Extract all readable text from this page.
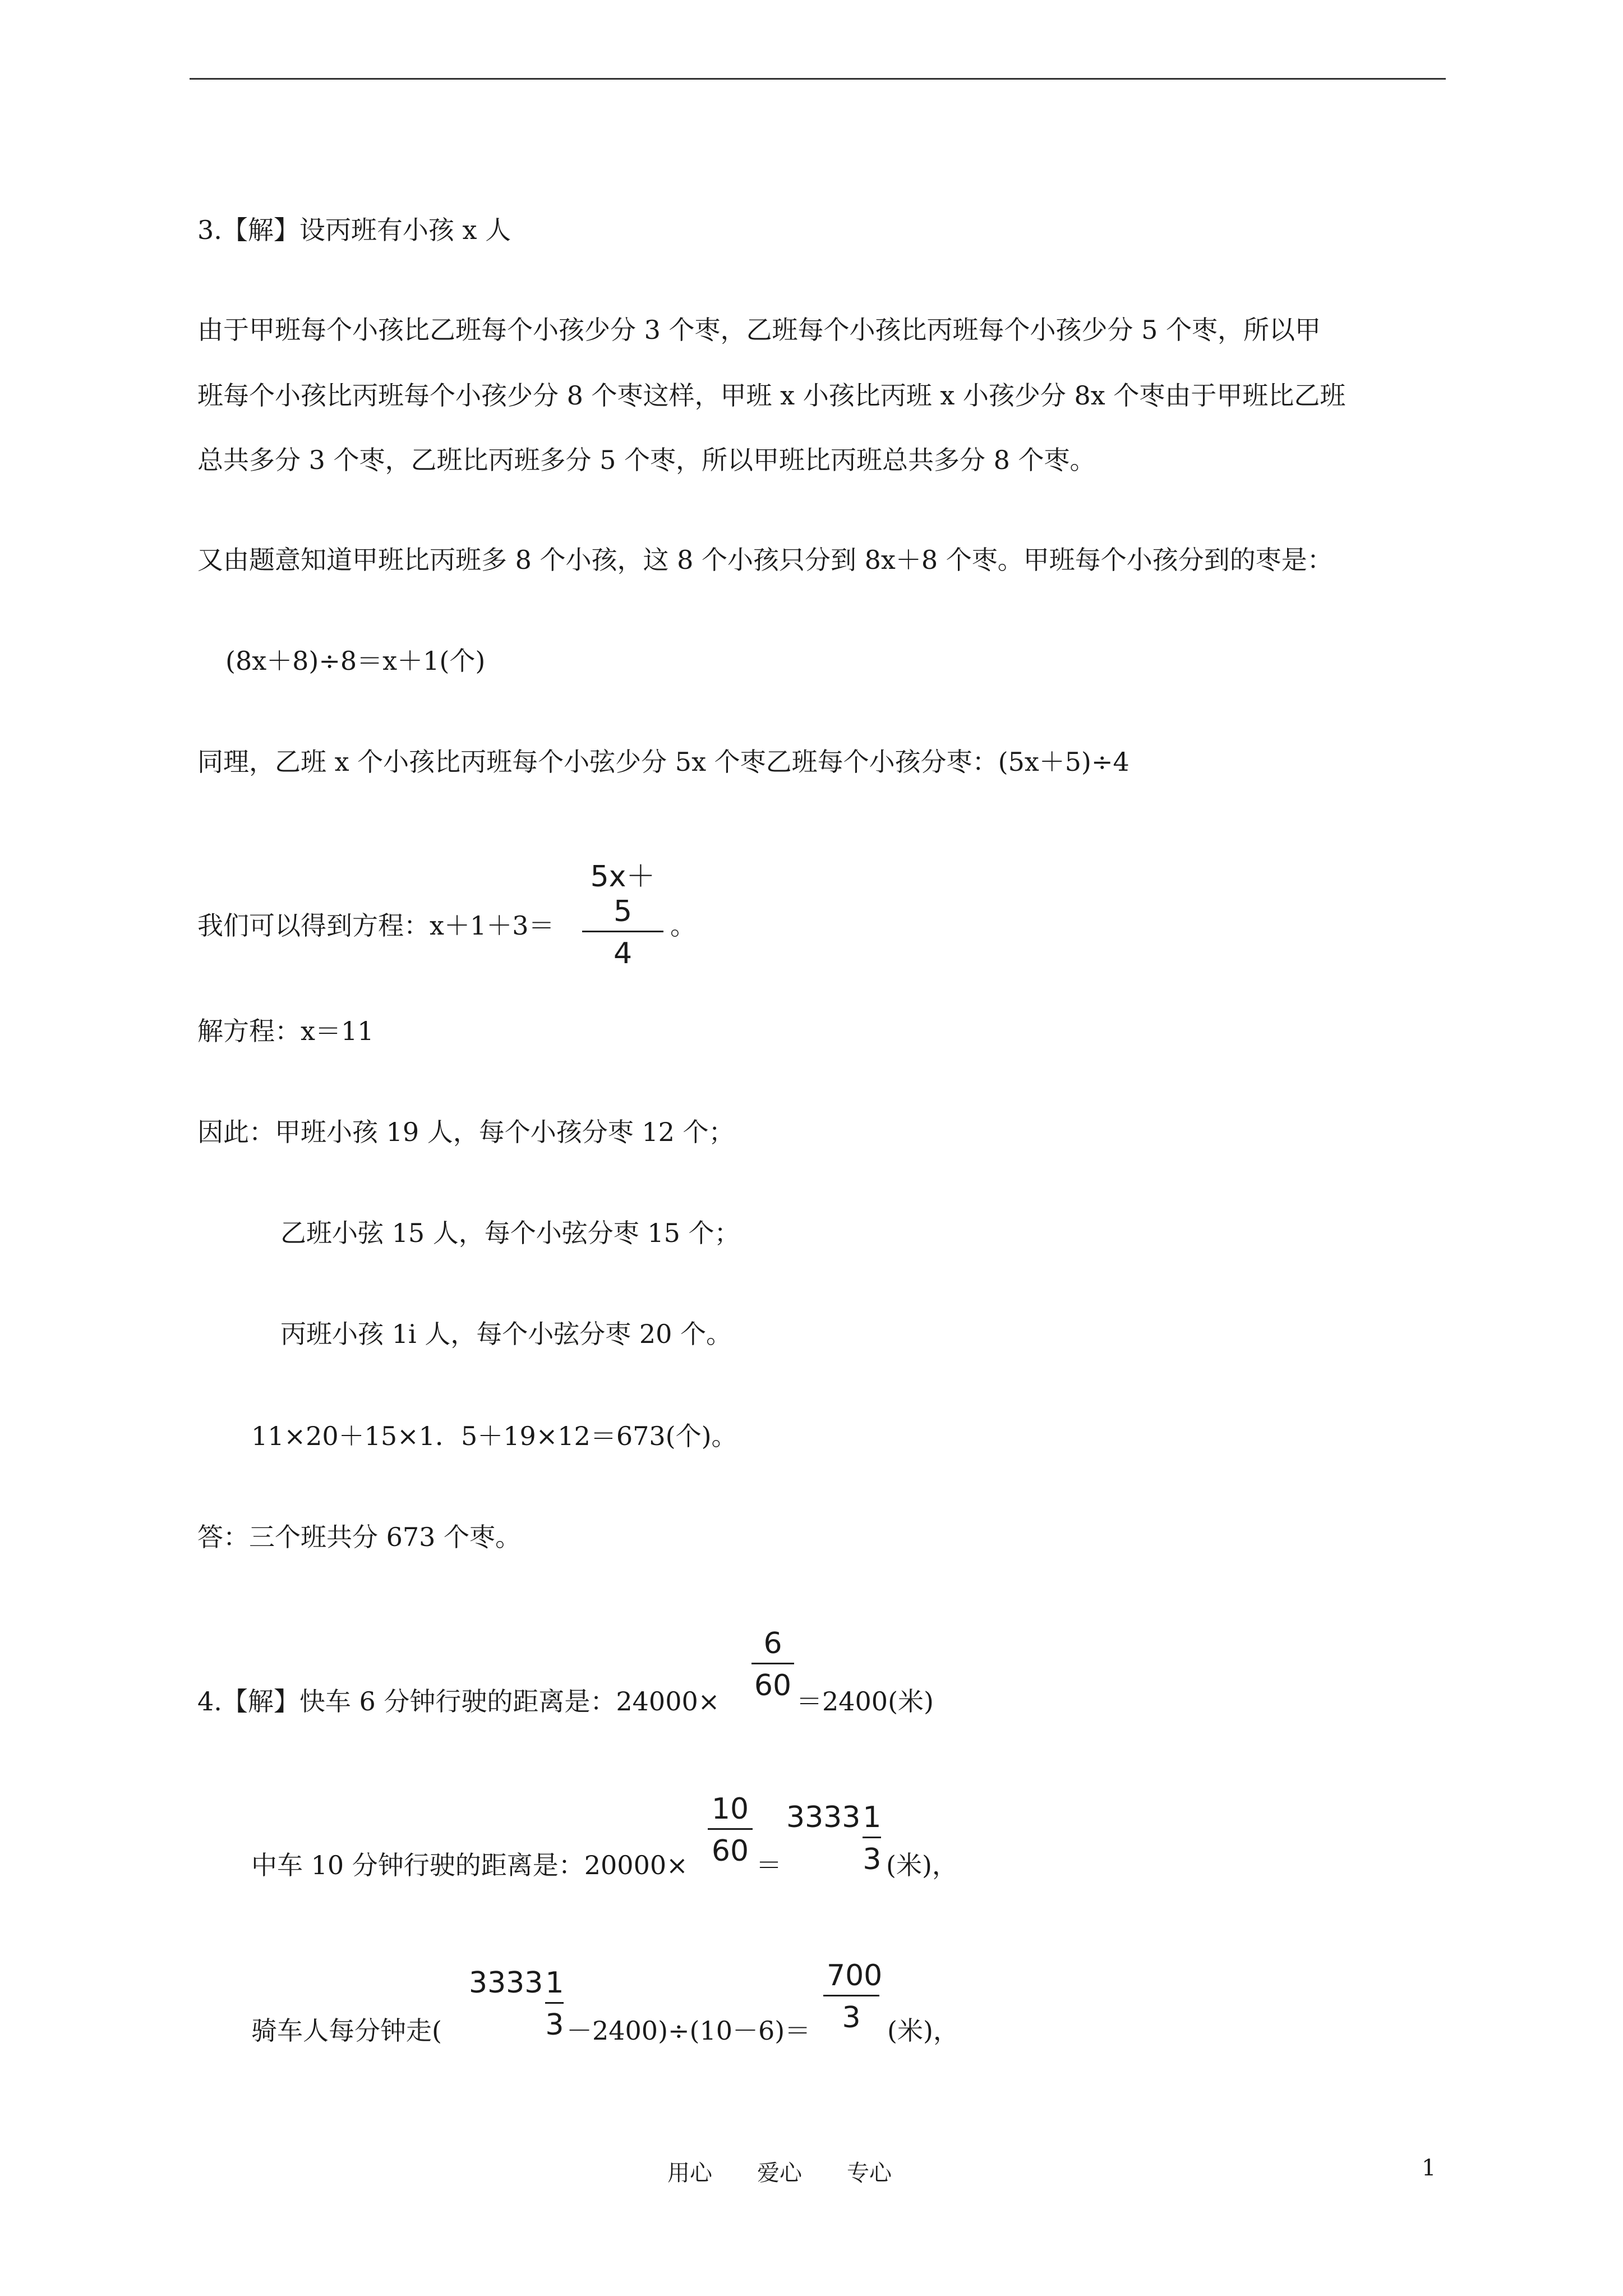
3.【解】设丙班有小孩 x 人
由于甲班每个小孩比乙班每个小孩少分 3 个枣，乙班每个小孩比丙班每个小孩少分 5 个枣，所以甲
班每个小孩比丙班每个小孩少分 8 个枣这样，甲班 x 小孩比丙班 x 小孩少分 8x 个枣由于甲班比乙班
总共多分 3 个枣，乙班比丙班多分 5 个枣，所以甲班比丙班总共多分 8 个枣。
又由题意知道甲班比丙班多 8 个小孩，这 8 个小孩只分到 8x＋8 个枣。甲班每个小孩分到的枣是：
(8x＋8)÷8＝x＋1(个)
同理，乙班 x 个小孩比丙班每个小弦少分 5x 个枣乙班每个小孩分枣：(5x＋5)÷4
我们可以得到方程：x＋1＋3＝
5x＋5
4
。
解方程：x＝11
因此：甲班小孩 19 人，每个小孩分枣 12 个；
乙班小弦 15 人，每个小弦分枣 15 个；
丙班小孩 1i 人，每个小弦分枣 20 个。
11×20＋15×1．5＋19×12＝673(个)。
答：三个班共分 673 个枣。
4.【解】快车 6 分钟行驶的距离是：24000×
6
60 ＝2400(米)
中车 10 分钟行驶的距离是：20000×
10
60 ＝
$3333 \frac{1}{3}$ (米)，
骑车人每分钟走(
$3333 \frac{1}{3} -2400)\div(10-6)=$
700
3	(米)，
用心　　爱心　　专心	1
